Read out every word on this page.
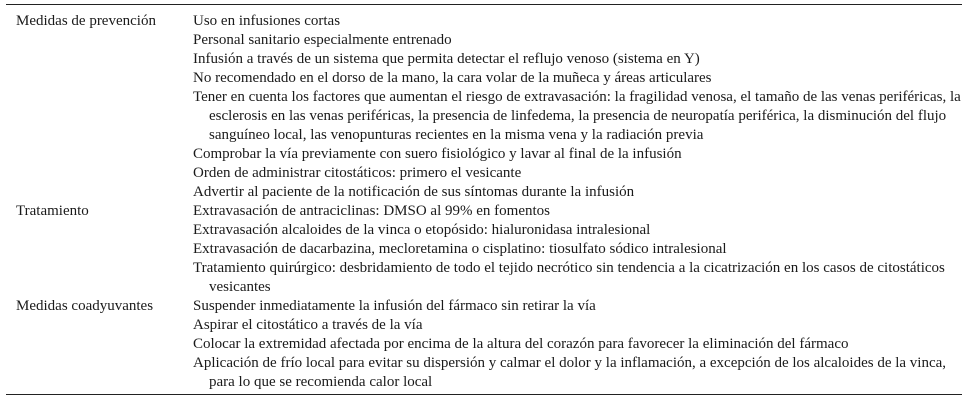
Medidas de prevención Uso en infusiones cortas
Personal sanitario especialmente entrenado
Infusión a través de un sistema que permita detectar el reflujo venoso (sistema en Y)
No recomendado en el dorso de la mano, la cara volar de la muñeca y áreas articulares
Tener en cuenta los factores que aumentan el riesgo de extravasación: la fragilidad venosa, el tamaño de las venas periféricas, la esclerosis en las venas periféricas, la presencia de linfedema, la presencia de neuropatía periférica, la disminución del flujo sanguíneo local, las venopunturas recientes en la misma vena y la radiación previa
Comprobar la vía previamente con suero fisiológico y lavar al final de la infusión
Orden de administrar citostáticos: primero el vesicante
Advertir al paciente de la notificación de sus síntomas durante la infusión
Tratamiento	Extravasación de antraciclinas: DMSO al 99% en fomentos
Extravasación alcaloides de la vinca o etopósido: hialuronidasa intralesional
Extravasación de dacarbazina, mecloretamina o cisplatino: tiosulfato sódico intralesional
Tratamiento quirúrgico: desbridamiento de todo el tejido necrótico sin tendencia a la cicatrización en los casos de citostáticos vesicantes
Medidas coadyuvantes	Suspender inmediatamente la infusión del fármaco sin retirar la vía
Aspirar el citostático a través de la vía
Colocar la extremidad afectada por encima de la altura del corazón para favorecer la eliminación del fármaco
Aplicación de frío local para evitar su dispersión y calmar el dolor y la inflamación, a excepción de los alcaloides de la vinca, para lo que se recomienda calor local
